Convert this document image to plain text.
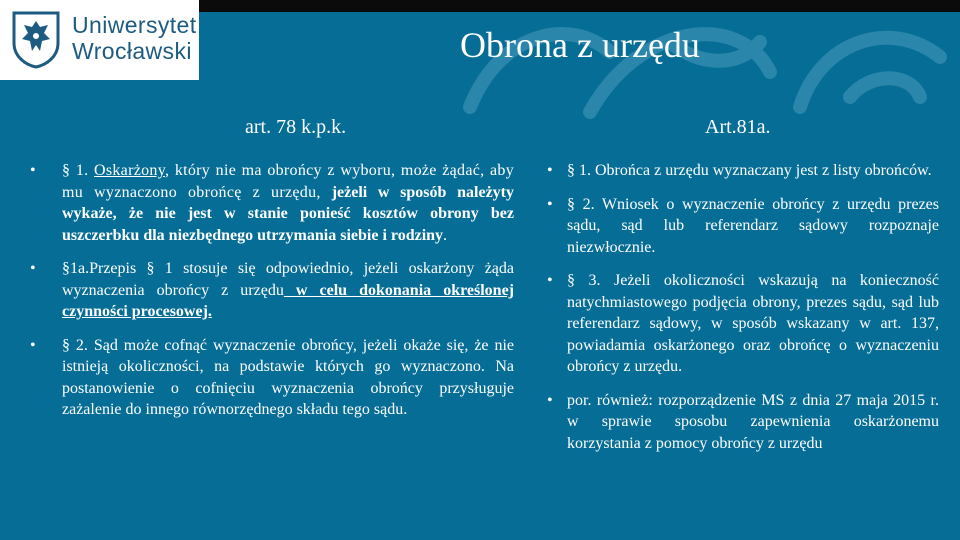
Uniwersytet
Wrocławski	Obrona z urzędu
art. 78 k.p.k.	Art.81a.
• § 1. Oskarżony, który nie ma obrońcy z wyboru, może żądać, aby mu wyznaczono obrońcę z urzędu, jeżeli w sposób należyty wykaże, że nie jest w stanie ponieść kosztów obrony bez uszczerbku dla niezbędnego utrzymania siebie i rodziny.
• §1a.Przepis § 1 stosuje się odpowiednio, jeżeli oskarżony żąda wyznaczenia obrońcy z urzędu w celu dokonania określonej czynności procesowej.
• § 2. Sąd może cofnąć wyznaczenie obrońcy, jeżeli okaże się, że nie istnieją okoliczności, na podstawie których go wyznaczono. Na postanowienie o cofnięciu wyznaczenia obrońcy przysługuje zażalenie do innego równorzędnego składu tego sądu.
• § 1. Obrońca z urzędu wyznaczany jest z listy obrońców.
• § 2. Wniosek o wyznaczenie obrońcy z urzędu prezes sądu, sąd lub referendarz sądowy rozpoznaje niezwłocznie.
• § 3. Jeżeli okoliczności wskazują na konieczność natychmiastowego podjęcia obrony, prezes sądu, sąd lub referendarz sądowy, w sposób wskazany w art. 137, powiadamia oskarżonego oraz obrońcę o wyznaczeniu obrońcy z urzędu.
• por. również: rozporządzenie MS z dnia 27 maja 2015 r. w sprawie sposobu zapewnienia oskarżonemu korzystania z pomocy obrońcy z urzędu
